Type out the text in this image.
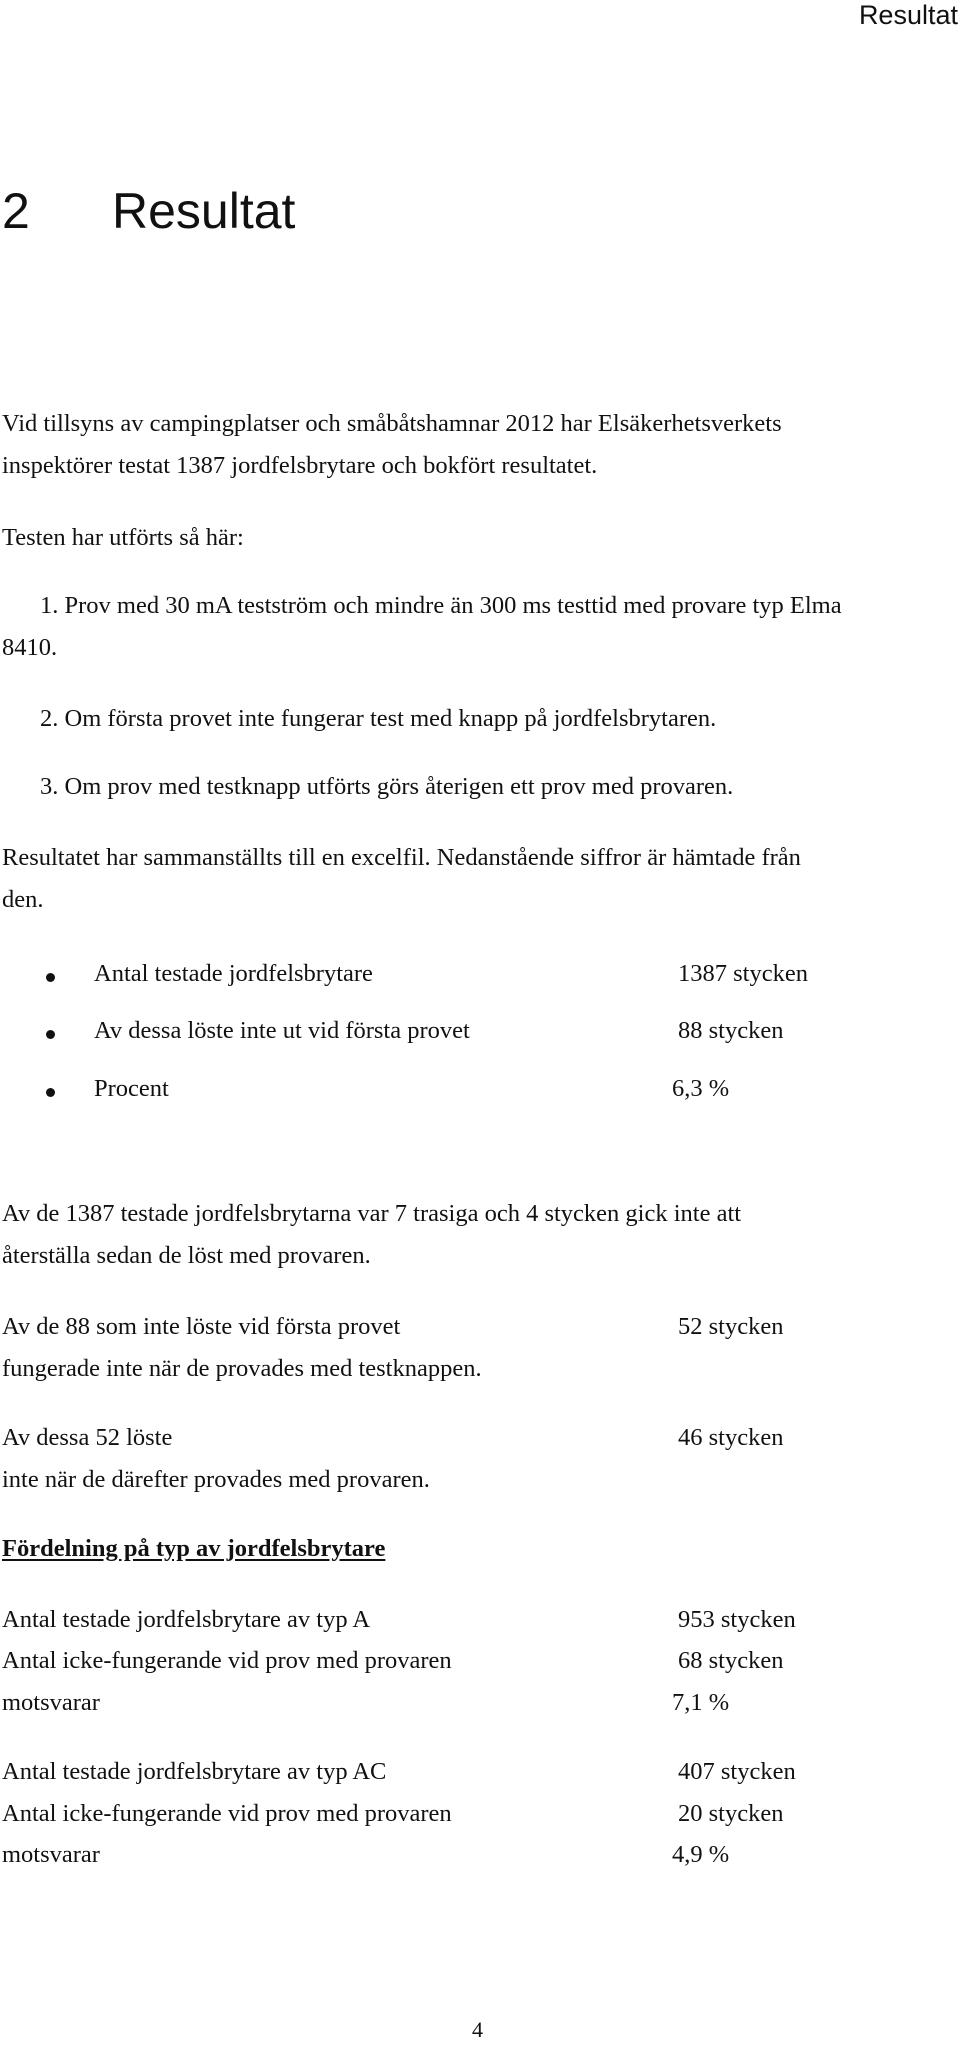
Resultat
2 Resultat
Vid tillsyns av campingplatser och småbåtshamnar 2012 har Elsäkerhetsverkets
inspektörer testat 1387 jordfelsbrytare och bokfört resultatet.
Testen har utförts så här:
1. Prov med 30 mA testström och mindre än 300 ms testtid med provare typ Elma
8410.
2. Om första provet inte fungerar test med knapp på jordfelsbrytaren.
3. Om prov med testknapp utförts görs återigen ett prov med provaren.
Resultatet har sammanställts till en excelfil. Nedanstående siffror är hämtade från
den.
Antal testade jordfelsbrytare	1387 stycken
Av dessa löste inte ut vid första provet	88 stycken
Procent	6,3 %
Av de 1387 testade jordfelsbrytarna var 7 trasiga och 4 stycken gick inte att
återställa sedan de löst med provaren.
Av de 88 som inte löste vid första provet	52 stycken
fungerade inte när de provades med testknappen.
Av dessa 52 löste	46 stycken
inte när de därefter provades med provaren.
Fördelning på typ av jordfelsbrytare
Antal testade jordfelsbrytare av typ A	953 stycken
Antal icke-fungerande vid prov med provaren	68 stycken
motsvarar	7,1 %
Antal testade jordfelsbrytare av typ AC	407 stycken
Antal icke-fungerande vid prov med provaren	20 stycken
motsvarar	4,9 %
4
